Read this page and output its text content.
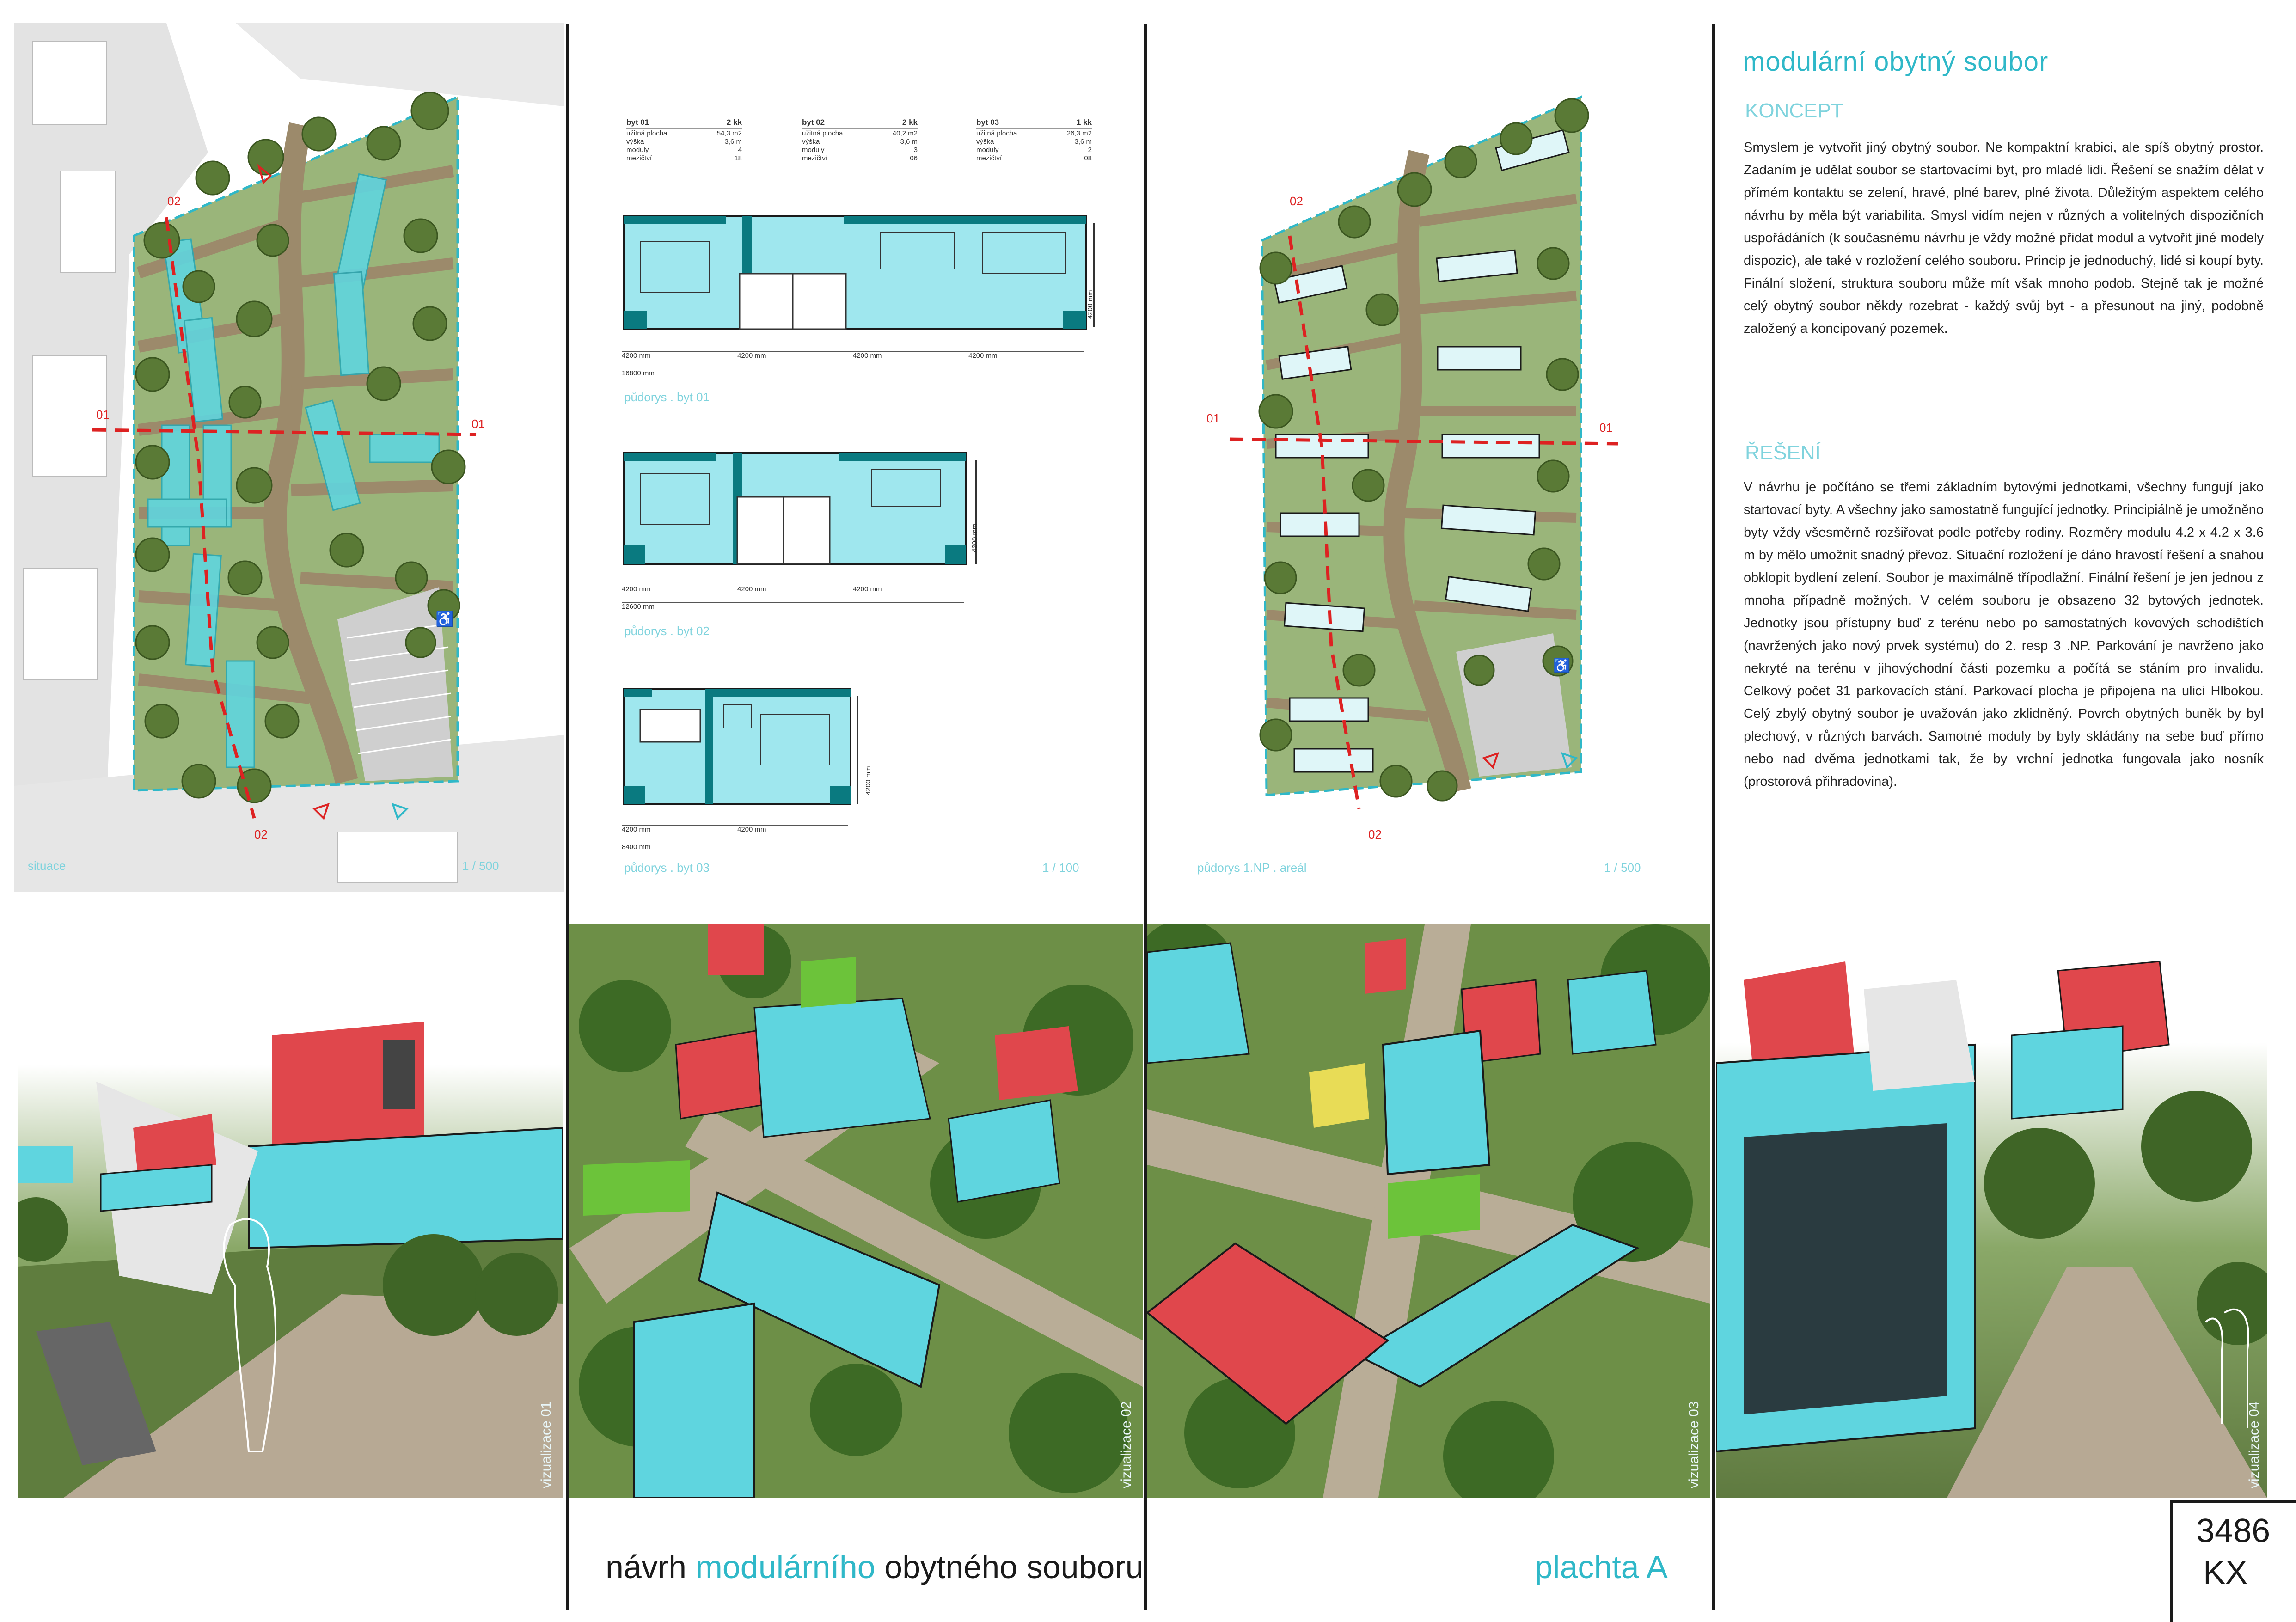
♿
02
01
01
02
situace	1 / 500
byt 01	2 kk
užitná plocha	54,3 m2
výška	3,6 m
moduly	4
mezičtví	18
byt 02	2 kk
užitná plocha	40,2 m2
výška	3,6 m
moduly	3
mezičtví	06
byt 03	1 kk
užitná plocha	26,3 m2
výška	3,6 m
moduly	2
mezičtví	08
4200 mm
4200 mm	4200 mm	4200 mm	4200 mm
16800 mm
půdorys . byt 01
4200 mm
4200 mm	4200 mm	4200 mm
12600 mm
půdorys . byt 02
4200 mm
4200 mm	4200 mm
8400 mm
půdorys . byt 03	1 / 100
♿
02
01
01
02
půdorys 1.NP . areál	1 / 500
modulární obytný soubor
KONCEPT
Smyslem je vytvořit jiný obytný soubor. Ne kompaktní krabici, ale spíš obytný prostor. Zadaním je udělat soubor se startovacími byt, pro mladé lidi. Řešení se snažím dělat v přímém kontaktu se zelení, hravé, plné barev, plné života. Důležitým aspektem celého návrhu by měla být variabilita. Smysl vidím nejen v různých a volitelných dispozičních uspořádáních (k současnému návrhu je vždy možné přidat modul a vytvořit jiné modely dispozic), ale také v rozložení celého souboru. Princip je jednoduchý, lidé si koupí byty. Finální složení, struktura souboru může mít však mnoho podob. Stejně tak je možné celý obytný soubor někdy rozebrat - každý svůj byt - a přesunout na jiný, podobně založený a koncipovaný pozemek.
ŘEŠENÍ
V návrhu je počítáno se třemi základním bytovými jednotkami, všechny fungují jako startovací byty. A všechny jako samostatně fungující jednotky. Principiálně je umožněno byty vždy všesměrně rozšiřovat podle potřeby rodiny. Rozměry modulu 4.2 x 4.2 x 3.6 m by mělo umožnit snadný převoz. Situační rozložení je dáno hravostí řešení a snahou obklopit bydlení zelení. Soubor je maximálně třípodlažní. Finální řešení je jen jednou z mnoha případně možných. V celém souboru je obsazeno 32 bytových jednotek. Jednotky jsou přístupny buď z terénu nebo po samostatných kovových schodištích (navržených jako nový prvek systému) do 2. resp 3 .NP. Parkování je navrženo jako nekryté na terénu v jihovýchodní části pozemku a počítá se stáním pro invalidu. Celkový počet 31 parkovacích stání. Parkovací plocha je připojena na ulici Hlbokou. Celý zbylý obytný soubor je uvažován jako zklidněný. Povrch obytných buněk by byl plechový, v různých barvách. Samotné moduly by byly skládány na sebe buď přímo nebo nad dvěma jednotkami tak, že by vrchní jednotka fungovala jako nosník (prostorová přihradovina).
vizualizace 01	vizualizace 02	vizualizace 03	vizualizace 04
návrh modulárního obytného souboru	plachta A
3486
KX
